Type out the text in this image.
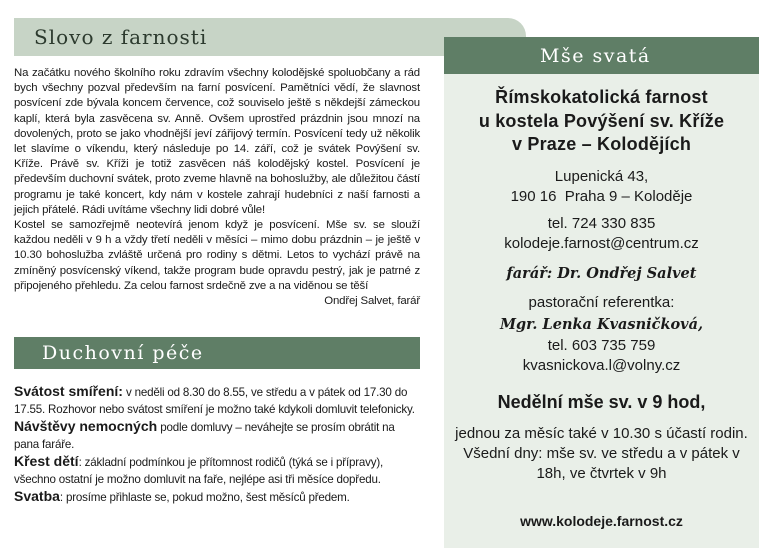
Slovo z farnosti

Na začátku nového školního roku zdravím všechny kolodějské spoluobčany a rád bych všechny pozval především na farní posvícení. Pamětníci vědí, že slavnost posvícení zde bývala koncem července, což souviselo ještě s někdejší zámeckou kaplí, která byla zasvěcena sv. Anně. Ovšem uprostřed prázdnin jsou mnozí na dovolených, proto se jako vhodnější jeví zářijový termín. Posvícení tedy už několik let slavíme o víkendu, který následuje po 14. září, což je svátek Povýšení sv. Kříže. Právě sv. Kříži je totiž zasvěcen náš kolodějský kostel. Posvícení je především duchovní svátek, proto zveme hlavně na bohoslužby, ale důležitou částí programu je také koncert, kdy nám v kostele zahrají hudebníci z naší farnosti a jejich přátelé. Rádi uvítáme všechny lidi dobré vůle!

Kostel se samozřejmě neotevírá jenom když je posvícení. Mše sv. se slouží každou neděli v 9 h a vždy třetí neděli v měsíci – mimo dobu prázdnin – je ještě v 10.30 bohoslužba zvláště určená pro rodiny s dětmi. Letos to vychází právě na zmíněný posvícenský víkend, takže program bude opravdu pestrý, jak je patrné z připojeného přehledu. Za celou farnost srdečně zve a na viděnou se těší

Ondřej Salvet, farář

Duchovní péče

Svátost smíření: v neděli od 8.30 do 8.55, ve středu a v pátek od 17.30 do 17.55. Rozhovor nebo svátost smíření je možno také kdykoli domluvit telefonicky.

Návštěvy nemocných podle domluvy – neváhejte se prosím obrátit na pana faráře.

Křest dětí: základní podmínkou je přítomnost rodičů (týká se i přípravy), všechno ostatní je možno domluvit na faře, nejlépe asi tři měsíce dopředu.

Svatba: prosíme přihlaste se, pokud možno, šest měsíců předem.

Mše svatá
Římskokatolická farnost
u kostela Povýšení sv. Kříže
v Praze – Kolodějích
Lupenická 43,
190 16  Praha 9 – Koloděje
tel. 724 330 835
kolodeje.farnost@centrum.cz
farář: Dr. Ondřej Salvet
pastorační referentka:
Mgr. Lenka Kvasničková,
tel. 603 735 759
kvasnickova.l@volny.cz
Nedělní mše sv. v 9 hod,
jednou za měsíc také v 10.30 s účastí rodin.
Všední dny: mše sv. ve středu a v pátek v 18h, ve čtvrtek v 9h
www.kolodeje.farnost.cz
